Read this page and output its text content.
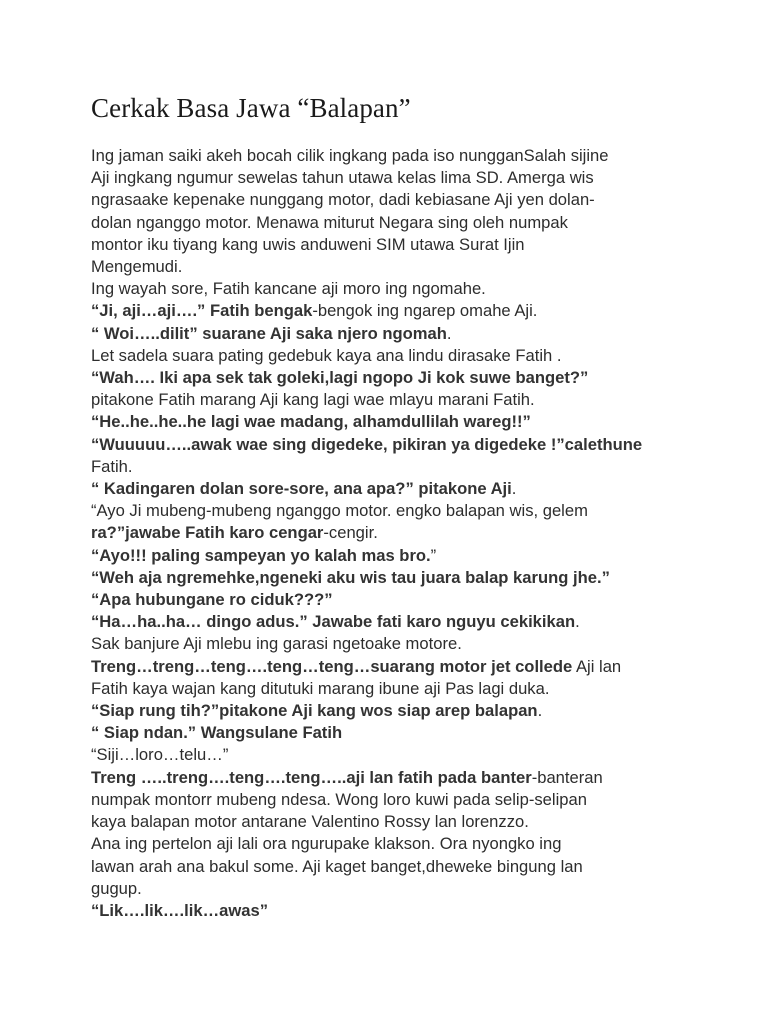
Cerkak Basa Jawa “Balapan”
Ing jaman saiki akeh bocah cilik ingkang pada iso nungganSalah sijine
Aji ingkang ngumur sewelas tahun utawa kelas lima SD. Amerga wis
ngrasaake kepenake nunggang motor, dadi kebiasane Aji yen dolan-
dolan nganggo motor. Menawa miturut Negara sing oleh numpak
montor iku tiyang kang uwis anduweni SIM utawa Surat Ijin
Mengemudi.
Ing wayah sore, Fatih kancane aji moro ing ngomahe.
“Ji, aji…aji….” Fatih bengak-bengok ing ngarep omahe Aji.
“ Woi…..dilit” suarane Aji saka njero ngomah.
Let sadela suara pating gedebuk kaya ana lindu dirasake Fatih .
“Wah…. Iki apa sek tak goleki,lagi ngopo Ji kok suwe banget?”
pitakone Fatih marang Aji kang lagi wae mlayu marani Fatih.
“He..he..he..he lagi wae madang, alhamdullilah wareg!!”
“Wuuuuu…..awak wae sing digedeke, pikiran ya digedeke !”calethune
Fatih.
“ Kadingaren dolan sore-sore, ana apa?” pitakone Aji.
“Ayo Ji mubeng-mubeng nganggo motor. engko balapan wis, gelem
ra?”jawabe Fatih karo cengar-cengir.
“Ayo!!! paling sampeyan yo kalah mas bro.”
“Weh aja ngremehke,ngeneki aku wis tau juara balap karung jhe.”
“Apa hubungane ro ciduk???”
“Ha…ha..ha… dingo adus.” Jawabe fati karo nguyu cekikikan.
Sak banjure Aji mlebu ing garasi ngetoake motore.
Treng…treng…teng….teng…teng…suarang motor jet collede Aji lan
Fatih kaya wajan kang ditutuki marang ibune aji Pas lagi duka.
“Siap rung tih?”pitakone Aji kang wos siap arep balapan.
“ Siap ndan.” Wangsulane Fatih
“Siji…loro…telu…”
Treng …..treng….teng….teng…..aji lan fatih pada banter-banteran
numpak montorr mubeng ndesa. Wong loro kuwi pada selip-selipan
kaya balapan motor antarane Valentino Rossy lan lorenzzo.
Ana ing pertelon aji lali ora ngurupake klakson. Ora nyongko ing
lawan arah ana bakul some. Aji kaget banget,dheweke bingung lan
gugup.
“Lik….lik….lik…awas”
